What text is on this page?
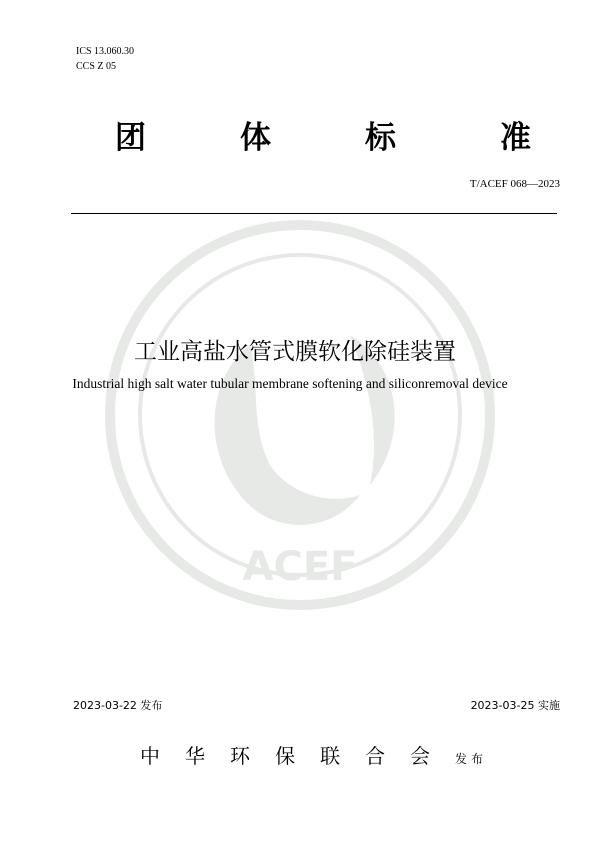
ICS 13.060.30
CCS Z 05
团	体	标	准
T/ACEF 068—2023
ACEF
工业高盐水管式膜软化除硅装置
Industrial high salt water tubular membrane softening and siliconremoval device
2023-03-22 发布	2023-03-25 实施
中华环保联合会发布
